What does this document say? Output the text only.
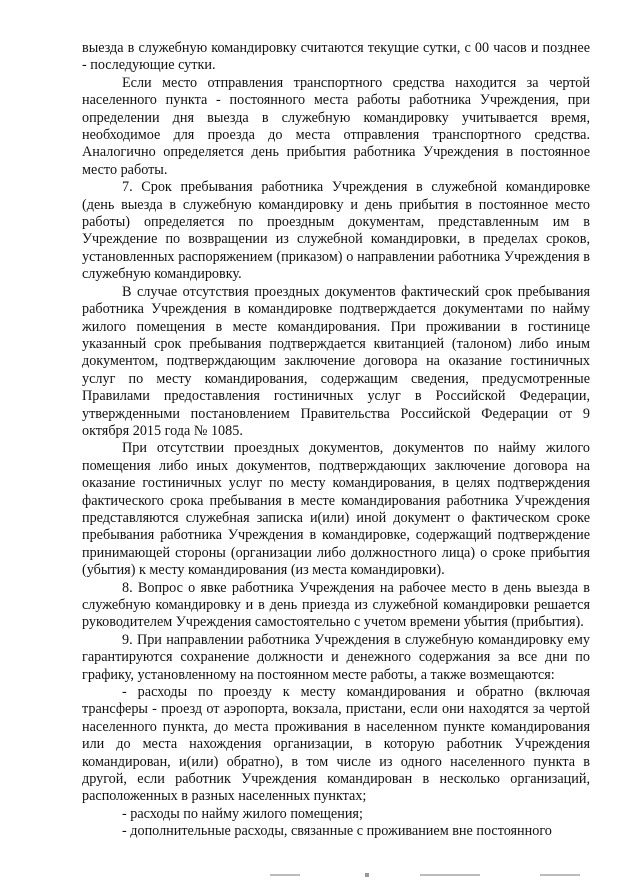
выезда в служебную командировку считаются текущие сутки, с 00 часов и позднее - последующие сутки.

Если место отправления транспортного средства находится за чертой населенного пункта - постоянного места работы работника Учреждения, при определении дня выезда в служебную командировку учитывается время, необходимое для проезда до места отправления транспортного средства. Аналогично определяется день прибытия работника Учреждения в постоянное место работы.

7. Срок пребывания работника Учреждения в служебной командировке (день выезда в служебную командировку и день прибытия в постоянное место работы) определяется по проездным документам, представленным им в Учреждение по возвращении из служебной командировки, в пределах сроков, установленных распоряжением (приказом) о направлении работника Учреждения в служебную командировку.

В случае отсутствия проездных документов фактический срок пребывания работника Учреждения в командировке подтверждается документами по найму жилого помещения в месте командирования. При проживании в гостинице указанный срок пребывания подтверждается квитанцией (талоном) либо иным документом, подтверждающим заключение договора на оказание гостиничных услуг по месту командирования, содержащим сведения, предусмотренные Правилами предоставления гостиничных услуг в Российской Федерации, утвержденными постановлением Правительства Российской Федерации от 9 октября 2015 года № 1085.

При отсутствии проездных документов, документов по найму жилого помещения либо иных документов, подтверждающих заключение договора на оказание гостиничных услуг по месту командирования, в целях подтверждения фактического срока пребывания в месте командирования работника Учреждения представляются служебная записка и(или) иной документ о фактическом сроке пребывания работника Учреждения в командировке, содержащий подтверждение принимающей стороны (организации либо должностного лица) о сроке прибытия (убытия) к месту командирования (из места командировки).

8. Вопрос о явке работника Учреждения на рабочее место в день выезда в служебную командировку и в день приезда из служебной командировки решается руководителем Учреждения самостоятельно с учетом времени убытия (прибытия).

9. При направлении работника Учреждения в служебную командировку ему гарантируются сохранение должности и денежного содержания за все дни по графику, установленному на постоянном месте работы, а также возмещаются:

- расходы по проезду к месту командирования и обратно (включая трансферы - проезд от аэропорта, вокзала, пристани, если они находятся за чертой населенного пункта, до места проживания в населенном пункте командирования или до места нахождения организации, в которую работник Учреждения командирован, и(или) обратно), в том числе из одного населенного пункта в другой, если работник Учреждения командирован в несколько организаций, расположенных в разных населенных пунктах;

- расходы по найму жилого помещения;

- дополнительные расходы, связанные с проживанием вне постоянного
